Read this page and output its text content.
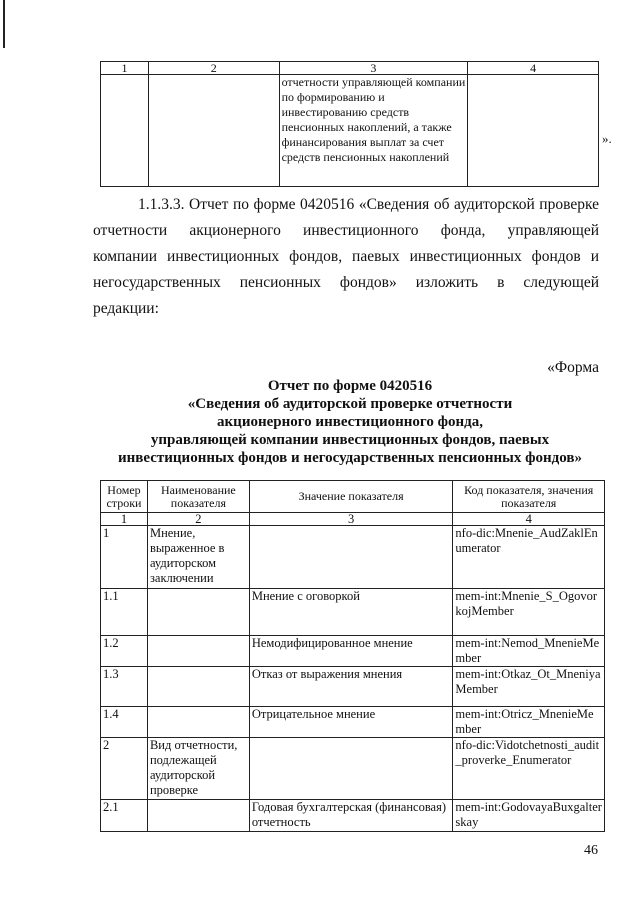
1	2	3	4
		отчетности управляющей компании по формированию и инвестированию средств пенсионных накоплений, а также финансирования выплат за счет средств пенсионных накоплений	
».
1.1.3.3. Отчет по форме 0420516 «Сведения об аудиторской проверке
отчетности акционерного инвестиционного фонда, управляющей
компании инвестиционных фондов, паевых инвестиционных фондов и
негосударственных пенсионных фондов» изложить в следующей
редакции:
«Форма
Отчет по форме 0420516
«Сведения об аудиторской проверке отчетности
акционерного инвестиционного фонда,
управляющей компании инвестиционных фондов, паевых
инвестиционных фондов и негосударственных пенсионных фондов»
Номер строки	Наименование показателя	Значение показателя	Код показателя, значения показателя
1	2	3	4
1	Мнение, выраженное в аудиторском заключении		nfo-dic:Mnenie_AudZaklEnumerator
1.1		Мнение с оговоркой	mem-int:Mnenie_S_OgovorkojMember
1.2		Немодифицированное мнение	mem-int:Nemod_MnenieMember
1.3		Отказ от выражения мнения	mem-int:Otkaz_Ot_MneniyaMember
1.4		Отрицательное мнение	mem-int:Otricz_MnenieMember
2	Вид отчетности, подлежащей аудиторской проверке		nfo-dic:Vidotchetnosti_audit_proverke_Enumerator
2.1		Годовая бухгалтерская (финансовая) отчетность	mem-int:GodovayaBuxgalterskay
46
